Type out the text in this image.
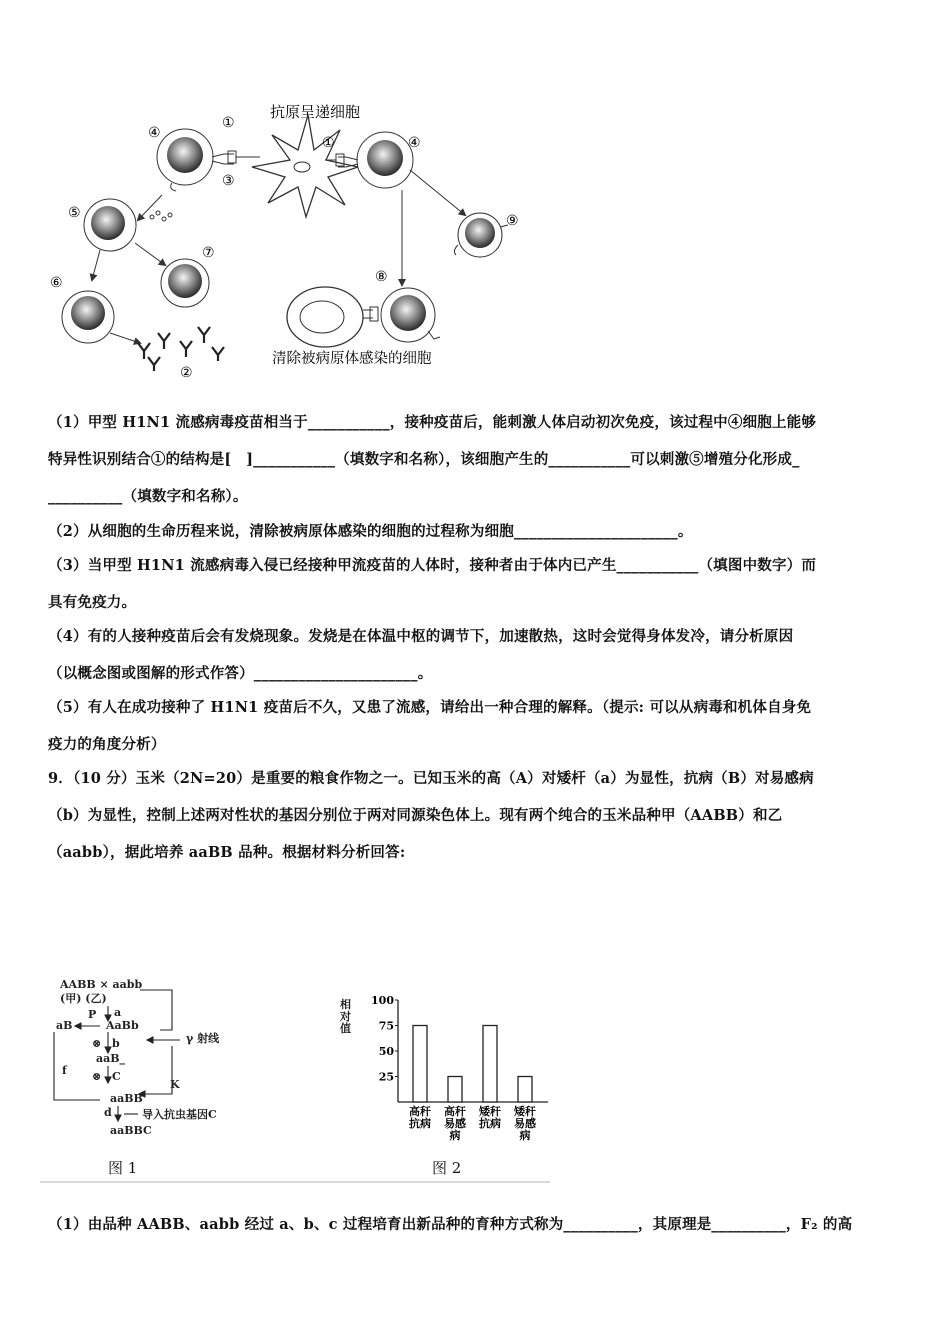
抗原呈递细胞
④
①
③
①	④
⑤
⑦
⑥
②
⑨
⑧
清除被病原体感染的细胞
（1）甲型 H1N1 流感病毒疫苗相当于___________，接种疫苗后，能刺激人体启动初次免疫，该过程中④细胞上能够
特异性识别结合①的结构是[　]___________（填数字和名称），该细胞产生的___________可以刺激⑤增殖分化形成_
__________（填数字和名称）。
（2）从细胞的生命历程来说，清除被病原体感染的细胞的过程称为细胞______________________。
（3）当甲型 H1N1 流感病毒入侵已经接种甲流疫苗的人体时，接种者由于体内已产生___________（填图中数字）而
具有免疫力。
（4）有的人接种疫苗后会有发烧现象。发烧是在体温中枢的调节下，加速散热，这时会觉得身体发冷，请分析原因
（以概念图或图解的形式作答）______________________。
（5）有人在成功接种了 H1N1 疫苗后不久，又患了流感，请给出一种合理的解释。（提示: 可以从病毒和机体自身免
疫力的角度分析）
9．（10 分）玉米（2N=20）是重要的粮食作物之一。已知玉米的高（A）对矮杆（a）为显性，抗病（B）对易感病
（b）为显性，控制上述两对性状的基因分别位于两对同源染色体上。现有两个纯合的玉米品种甲（AABB）和乙
（aabb），据此培养 aaBB 品种。根据材料分析回答:
AABB × aabb
(甲) (乙)
a
P
AaBb
aB
⊗ b
aaB_
⊗ C
γ 射线
aaBB
d	导入抗虫基因C
aaBBC
f
K
相
对
值
25
50
75
100
高秆
抗病
高秆
易感
病
矮秆
抗病
矮秆
易感
病
图 1	图 2
（1）由品种 AABB、aabb 经过 a、b、c 过程培育出新品种的育种方式称为__________，其原理是__________，F₂ 的高
